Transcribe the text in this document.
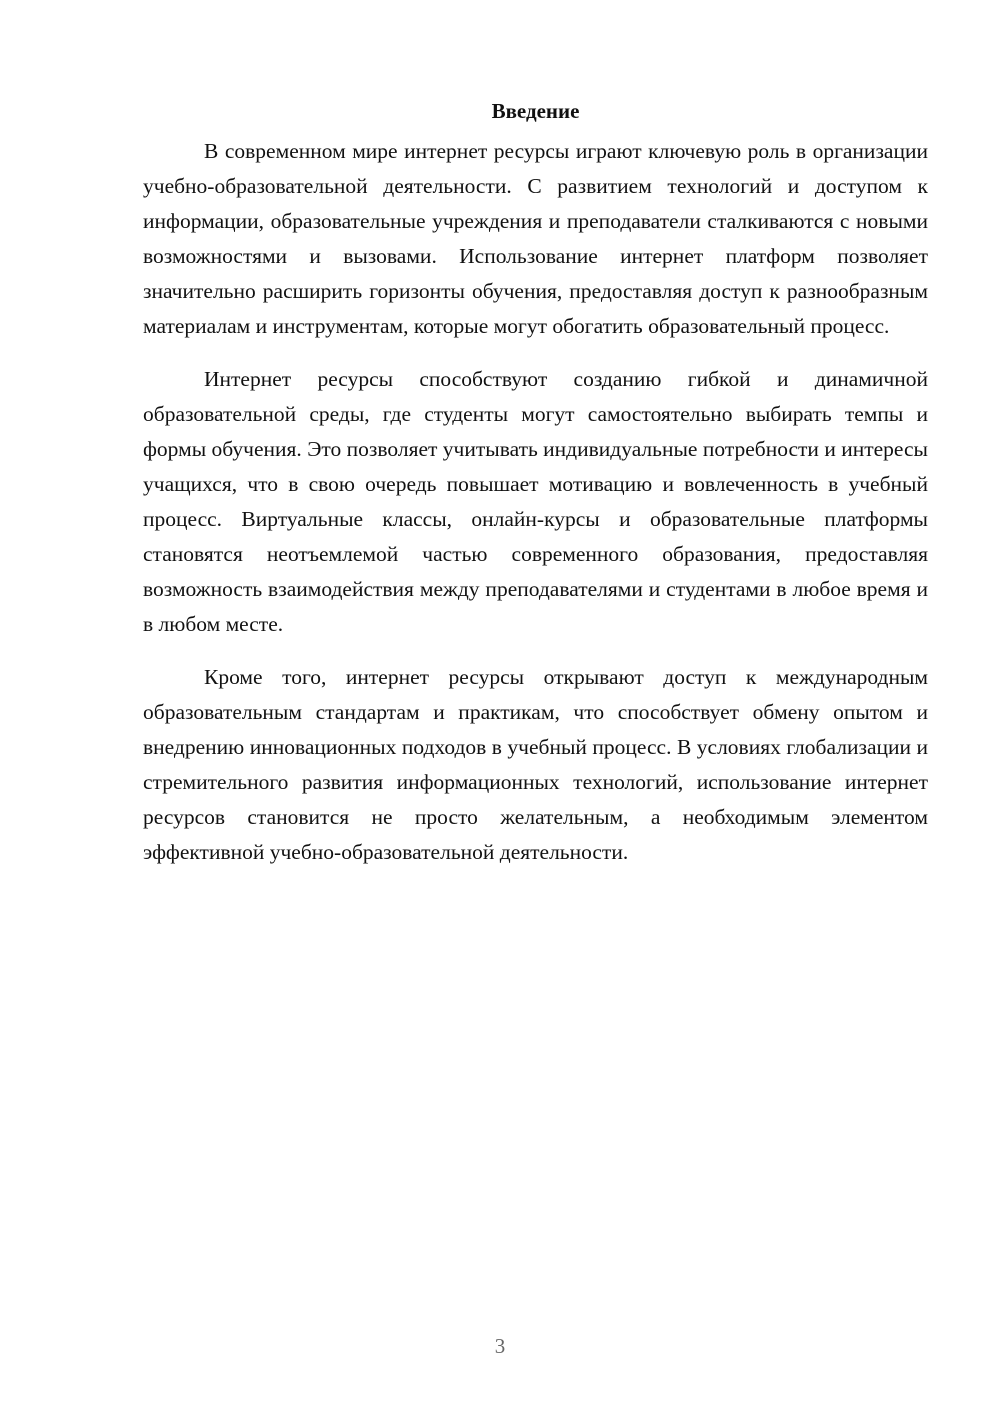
Введение

В современном мире интернет ресурсы играют ключевую роль в организации учебно-образовательной деятельности. С развитием технологий и доступом к информации, образовательные учреждения и преподаватели сталкиваются с новыми возможностями и вызовами. Использование интернет платформ позволяет значительно расширить горизонты обучения, предоставляя доступ к разнообразным материалам и инструментам, которые могут обогатить образовательный процесс.

Интернет ресурсы способствуют созданию гибкой и динамичной образовательной среды, где студенты могут самостоятельно выбирать темпы и формы обучения. Это позволяет учитывать индивидуальные потребности и интересы учащихся, что в свою очередь повышает мотивацию и вовлеченность в учебный процесс. Виртуальные классы, онлайн-курсы и образовательные платформы становятся неотъемлемой частью современного образования, предоставляя возможность взаимодействия между преподавателями и студентами в любое время и в любом месте.

Кроме того, интернет ресурсы открывают доступ к международным образовательным стандартам и практикам, что способствует обмену опытом и внедрению инновационных подходов в учебный процесс. В условиях глобализации и стремительного развития информационных технологий, использование интернет ресурсов становится не просто желательным, а необходимым элементом эффективной учебно-образовательной деятельности.

3
